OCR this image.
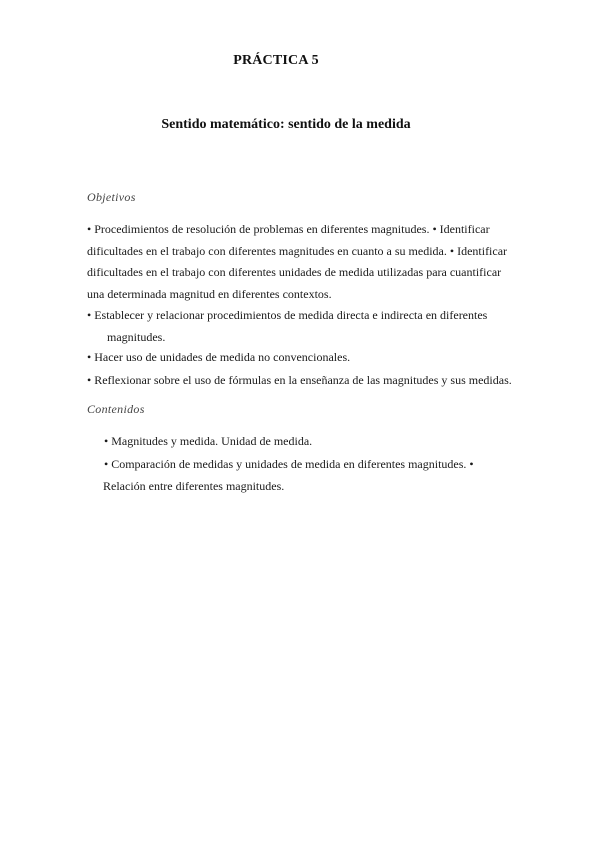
PRÁCTICA 5
Sentido matemático: sentido de la medida
Objetivos
• Procedimientos de resolución de problemas en diferentes magnitudes. • Identificar
dificultades en el trabajo con diferentes magnitudes en cuanto a su medida. • Identificar
dificultades en el trabajo con diferentes unidades de medida utilizadas para cuantificar
una determinada magnitud en diferentes contextos.
• Establecer y relacionar procedimientos de medida directa e indirecta en diferentes
magnitudes.
• Hacer uso de unidades de medida no convencionales.
• Reflexionar sobre el uso de fórmulas en la enseñanza de las magnitudes y sus medidas.
Contenidos
• Magnitudes y medida. Unidad de medida.
• Comparación de medidas y unidades de medida en diferentes magnitudes. •
Relación entre diferentes magnitudes.
